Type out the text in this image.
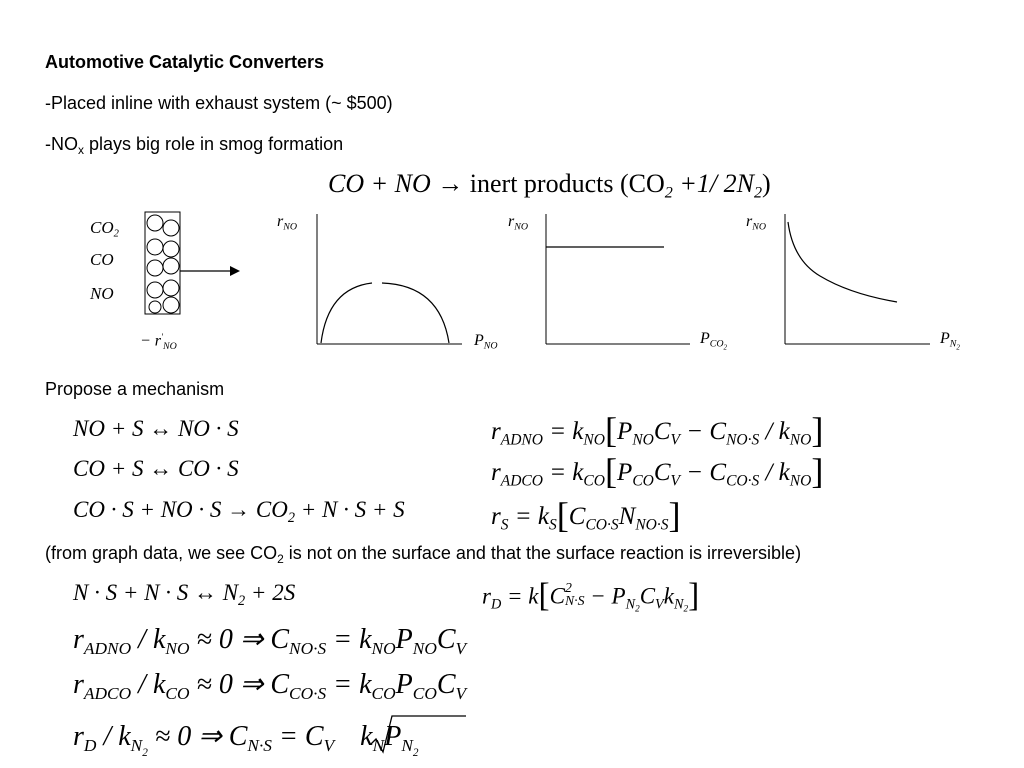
Automotive Catalytic Converters
-Placed inline with exhaust system (~ $500)
$-NO_x$ plays big role in smog formation
CO + NO → inert products ($CO_2 +1/$ $2N_2$)
$CO_2$
CO
NO
− $r'_{NO}$
$r_{NO}$
$P_{NO}$
$r_{NO}$
$P_{CO2}$
$r_{NO}$
$P_{N2}$
Propose a mechanism
NO + S ↔ NO · S
CO + S ↔ CO · S
CO · S + NO · $S \to CO_2 + N \cdot S + S$
$r_{ADNO} = k_{NO}[P_{NO}C_V - C_{NO\cdot S} / k_{NO}]$
$r_{ADCO} = k_{CO}[P_{CO}C_V - C_{CO\cdot S} / k_{NO}]$
$r_S = k_S[C_{CO\cdot S}N_{NO\cdot S}]$
(from graph data, we see $CO_2$ is not on the surface and that the surface reaction is irreversible)
N · S + N · S ↔ $N_2 + 2S$	$r_D = k[C$ 2
$N\cdot S - P_{N2}C_Vk_{N2}$]
$r_{ADNO} / k_{NO} \approx 0$ ⇒ $C_{NO\cdot S} = k_{NO}P_{NO}C_V$
$r_{ADCO} / k_{CO} \approx 0$ ⇒ $C_{CO\cdot S} = k_{CO}P_{CO}C_V$
$r_D / k_{N2} \approx 0$ ⇒ $C_{N\cdot S} = C_V$ $k_NP_{N2}$
